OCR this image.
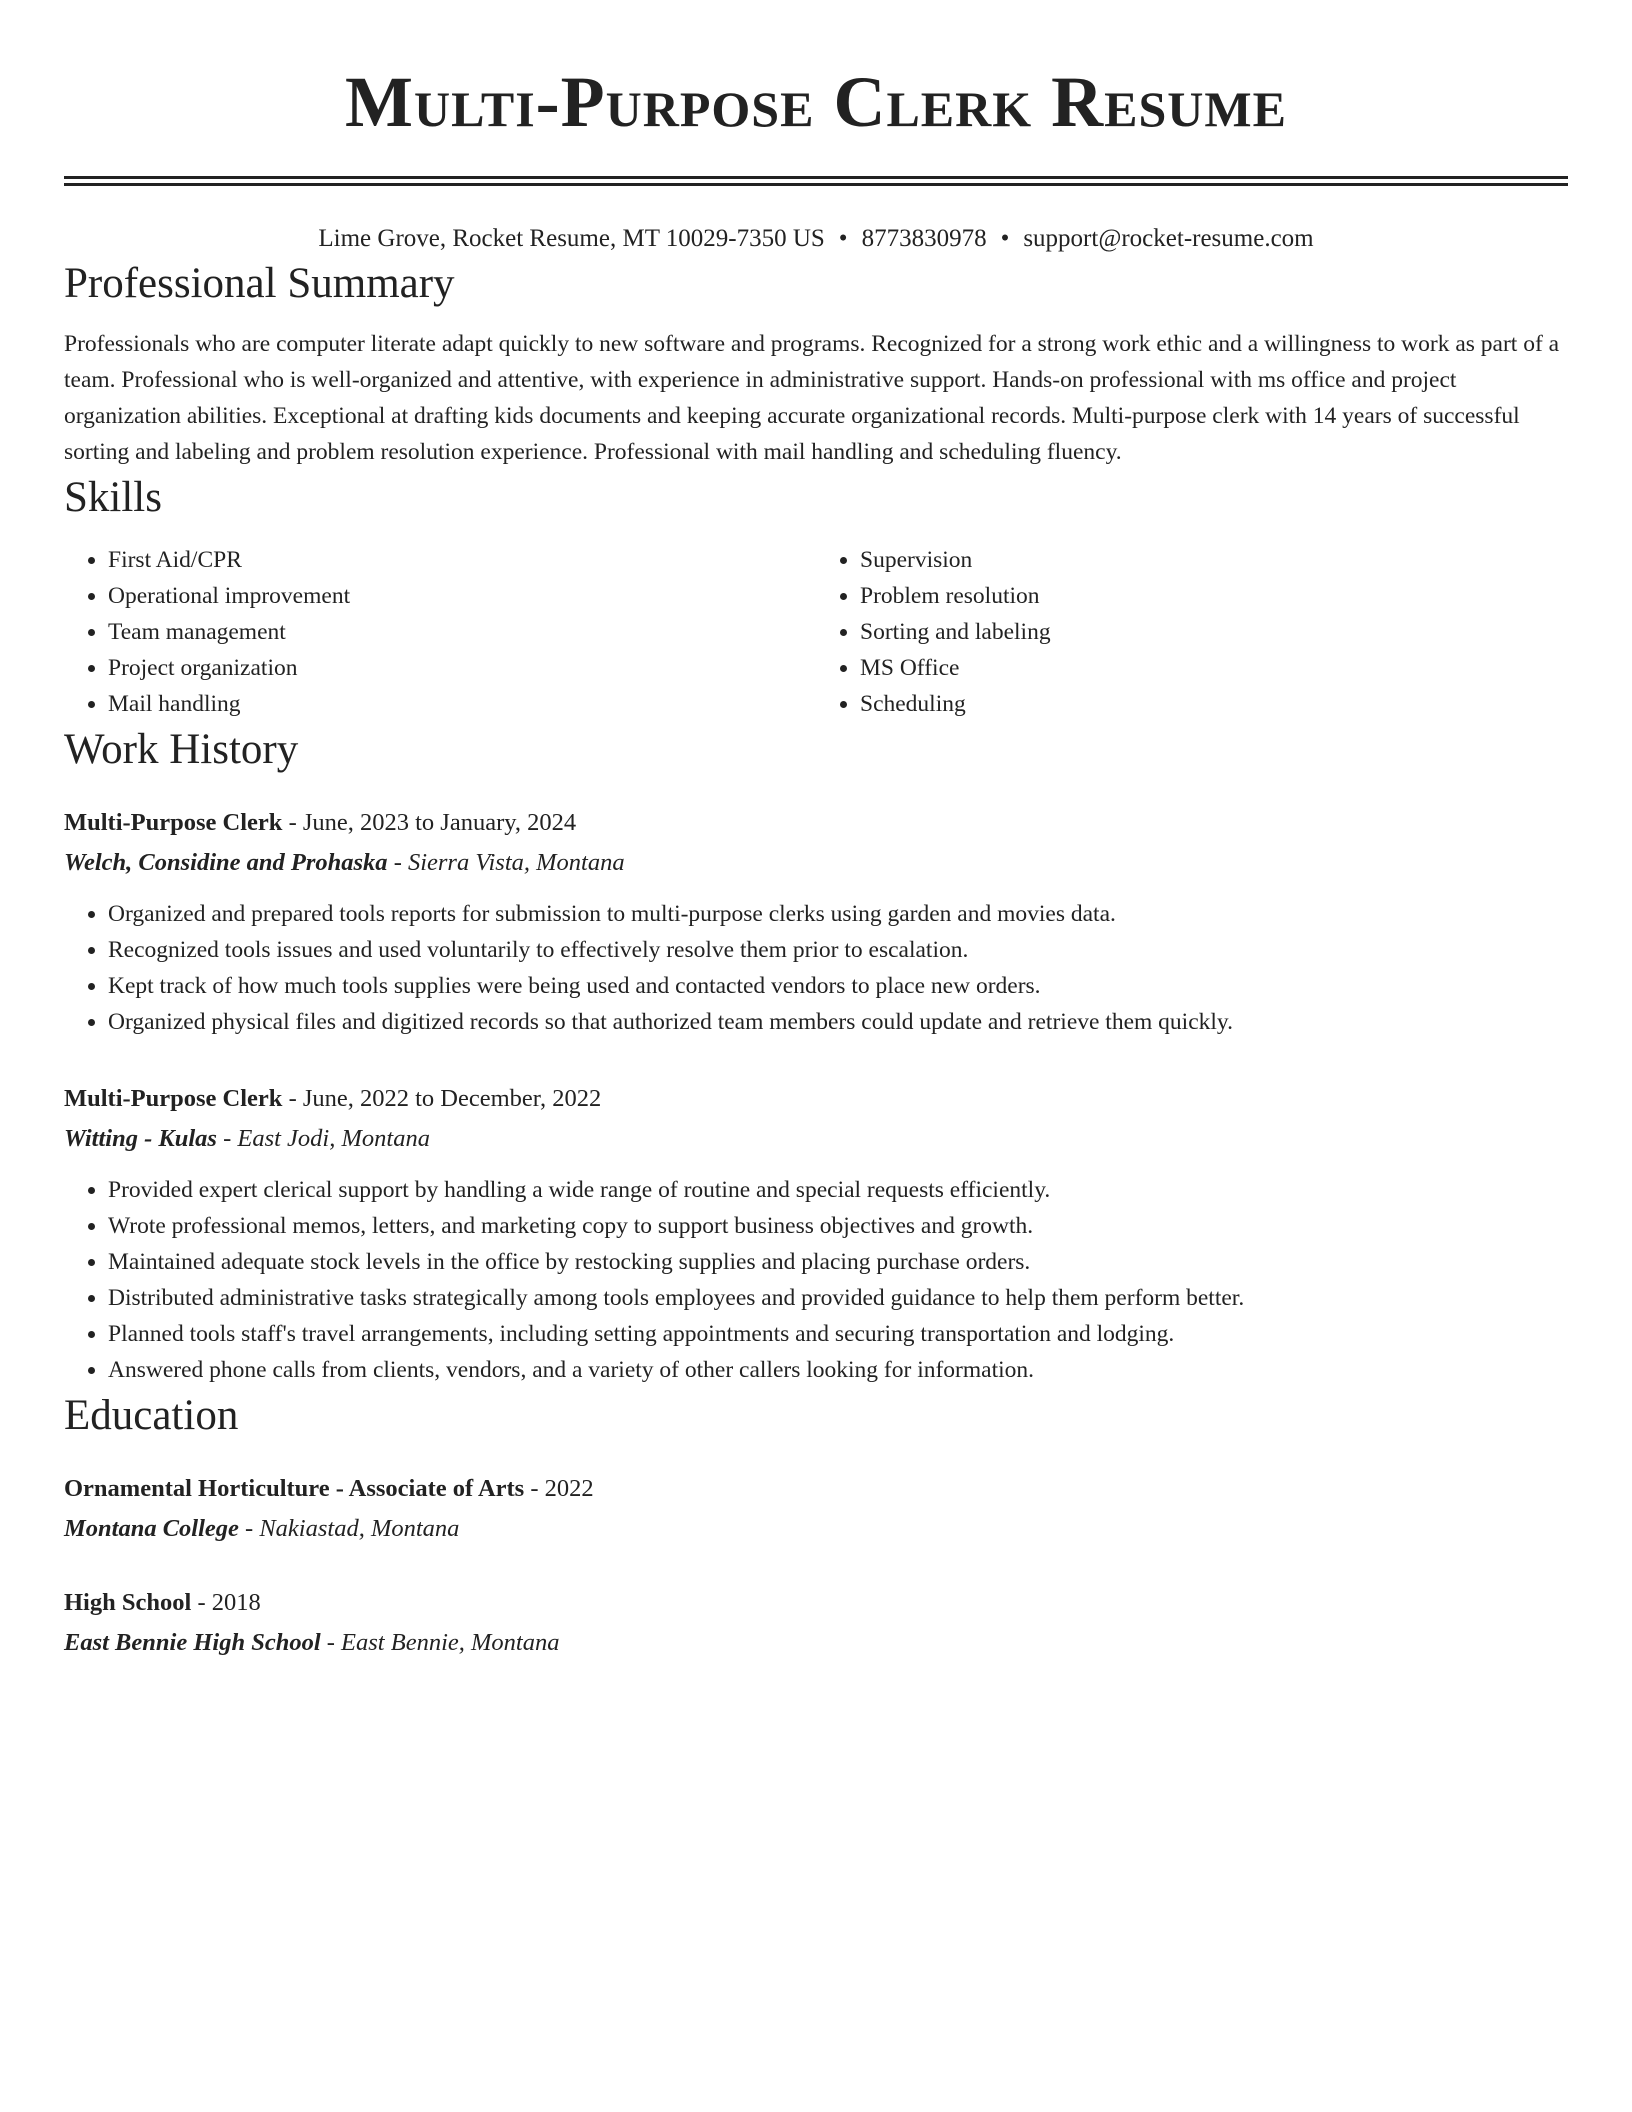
Multi-Purpose Clerk Resume
Lime Grove, Rocket Resume, MT 10029-7350 US • 8773830978 • support@rocket-resume.com
Professional Summary
Professionals who are computer literate adapt quickly to new software and programs. Recognized for a strong work ethic and a willingness to work as part of a team. Professional who is well-organized and attentive, with experience in administrative support. Hands-on professional with ms office and project organization abilities. Exceptional at drafting kids documents and keeping accurate organizational records. Multi-purpose clerk with 14 years of successful sorting and labeling and problem resolution experience. Professional with mail handling and scheduling fluency.
Skills
• First Aid/CPR
• Operational improvement
• Team management
• Project organization
• Mail handling
• Supervision
• Problem resolution
• Sorting and labeling
• MS Office
• Scheduling
Work History
Multi-Purpose Clerk - June, 2023 to January, 2024
Welch, Considine and Prohaska - Sierra Vista, Montana
• Organized and prepared tools reports for submission to multi-purpose clerks using garden and movies data.
• Recognized tools issues and used voluntarily to effectively resolve them prior to escalation.
• Kept track of how much tools supplies were being used and contacted vendors to place new orders.
• Organized physical files and digitized records so that authorized team members could update and retrieve them quickly.
Multi-Purpose Clerk - June, 2022 to December, 2022
Witting - Kulas - East Jodi, Montana
• Provided expert clerical support by handling a wide range of routine and special requests efficiently.
• Wrote professional memos, letters, and marketing copy to support business objectives and growth.
• Maintained adequate stock levels in the office by restocking supplies and placing purchase orders.
• Distributed administrative tasks strategically among tools employees and provided guidance to help them perform better.
• Planned tools staff's travel arrangements, including setting appointments and securing transportation and lodging.
• Answered phone calls from clients, vendors, and a variety of other callers looking for information.
Education
Ornamental Horticulture - Associate of Arts - 2022
Montana College - Nakiastad, Montana
High School - 2018
East Bennie High School - East Bennie, Montana
